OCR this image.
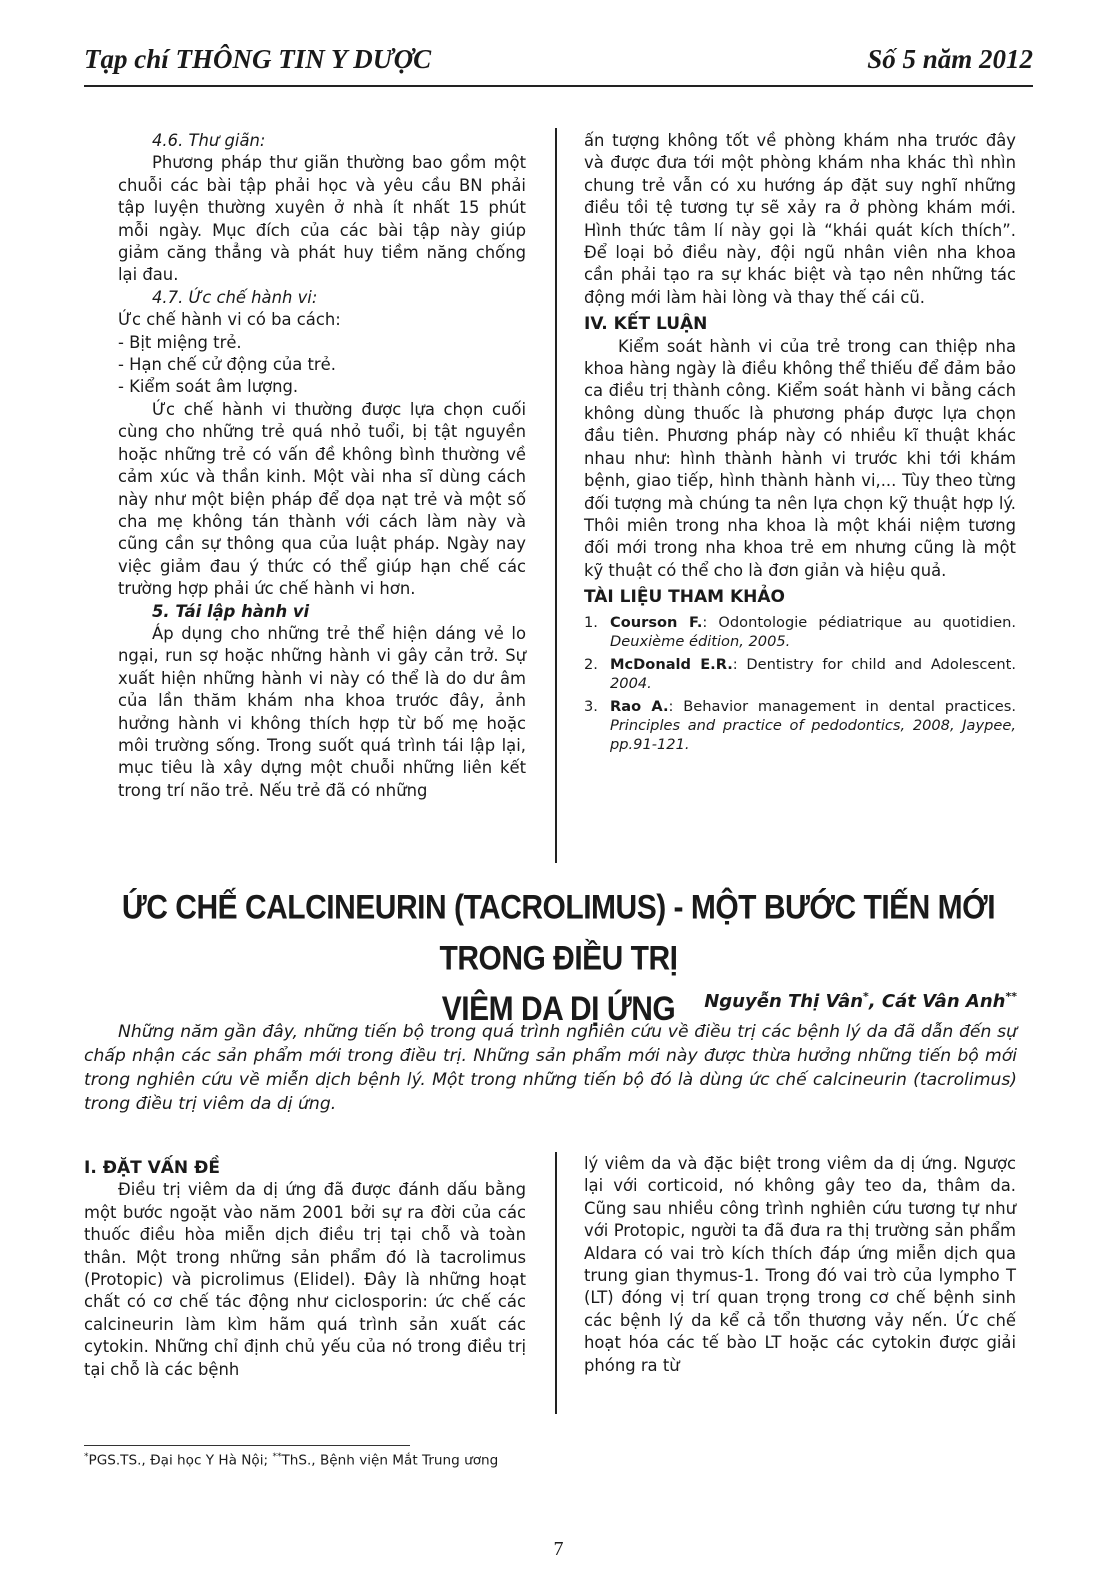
Tạp chí THÔNG TIN Y DƯỢC	Số 5 năm 2012

4.6. Thư giãn:

Phương pháp thư giãn thường bao gồm một chuỗi các bài tập phải học và yêu cầu BN phải tập luyện thường xuyên ở nhà ít nhất 15 phút mỗi ngày. Mục đích của các bài tập này giúp giảm căng thẳng và phát huy tiềm năng chống lại đau.

4.7. Ức chế hành vi:

Ức chế hành vi có ba cách:

- Bịt miệng trẻ.

- Hạn chế cử động của trẻ.

- Kiểm soát âm lượng.

Ức chế hành vi thường được lựa chọn cuối cùng cho những trẻ quá nhỏ tuổi, bị tật nguyền hoặc những trẻ có vấn đề không bình thường về cảm xúc và thần kinh. Một vài nha sĩ dùng cách này như một biện pháp để dọa nạt trẻ và một số cha mẹ không tán thành với cách làm này và cũng cần sự thông qua của luật pháp. Ngày nay việc giảm đau ý thức có thể giúp hạn chế các trường hợp phải ức chế hành vi hơn.

5. Tái lập hành vi

Áp dụng cho những trẻ thể hiện dáng vẻ lo ngại, run sợ hoặc những hành vi gây cản trở. Sự xuất hiện những hành vi này có thể là do dư âm của lần thăm khám nha khoa trước đây, ảnh hưởng hành vi không thích hợp từ bố mẹ hoặc môi trường sống. Trong suốt quá trình tái lập lại, mục tiêu là xây dựng một chuỗi những liên kết trong trí não trẻ. Nếu trẻ đã có những

ấn tượng không tốt về phòng khám nha trước đây và được đưa tới một phòng khám nha khác thì nhìn chung trẻ vẫn có xu hướng áp đặt suy nghĩ những điều tồi tệ tương tự sẽ xảy ra ở phòng khám mới. Hình thức tâm lí này gọi là “khái quát kích thích”. Để loại bỏ điều này, đội ngũ nhân viên nha khoa cần phải tạo ra sự khác biệt và tạo nên những tác động mới làm hài lòng và thay thế cái cũ.

IV. KẾT LUẬN

Kiểm soát hành vi của trẻ trong can thiệp nha khoa hàng ngày là điều không thể thiếu để đảm bảo ca điều trị thành công. Kiểm soát hành vi bằng cách không dùng thuốc là phương pháp được lựa chọn đầu tiên. Phương pháp này có nhiều kĩ thuật khác nhau như: hình thành hành vi trước khi tới khám bệnh, giao tiếp, hình thành hành vi,... Tùy theo từng đối tượng mà chúng ta nên lựa chọn kỹ thuật hợp lý. Thôi miên trong nha khoa là một khái niệm tương đối mới trong nha khoa trẻ em nhưng cũng là một kỹ thuật có thể cho là đơn giản và hiệu quả.

TÀI LIỆU THAM KHẢO

1. Courson F.: Odontologie pédiatrique au quotidien. Deuxième édition, 2005.
2. McDonald E.R.: Dentistry for child and Adolescent. 2004.
3. Rao A.: Behavior management in dental practices. Principles and practice of pedodontics, 2008, Jaypee, pp.91-121.
ỨC CHẾ CALCINEURIN (TACROLIMUS) - MỘT BƯỚC TIẾN MỚI TRONG ĐIỀU TRỊ
VIÊM DA DỊ ỨNG	Nguyễn Thị Vân*, Cát Vân Anh**
Những năm gần đây, những tiến bộ trong quá trình nghiên cứu về điều trị các bệnh lý da đã dẫn đến sự chấp nhận các sản phẩm mới trong điều trị. Những sản phẩm mới này được thừa hưởng những tiến bộ mới trong nghiên cứu về miễn dịch bệnh lý. Một trong những tiến bộ đó là dùng ức chế calcineurin (tacrolimus) trong điều trị viêm da dị ứng.

I. ĐẶT VẤN ĐỀ

Điều trị viêm da dị ứng đã được đánh dấu bằng một bước ngoặt vào năm 2001 bởi sự ra đời của các thuốc điều hòa miễn dịch điều trị tại chỗ và toàn thân. Một trong những sản phẩm đó là tacrolimus (Protopic) và picrolimus (Elidel). Đây là những hoạt chất có cơ chế tác động như ciclosporin: ức chế các calcineurin làm kìm hãm quá trình sản xuất các cytokin. Những chỉ định chủ yếu của nó trong điều trị tại chỗ là các bệnh

lý viêm da và đặc biệt trong viêm da dị ứng. Ngược lại với corticoid, nó không gây teo da, thâm da. Cũng sau nhiều công trình nghiên cứu tương tự như với Protopic, người ta đã đưa ra thị trường sản phẩm Aldara có vai trò kích thích đáp ứng miễn dịch qua trung gian thymus-1. Trong đó vai trò của lympho T (LT) đóng vị trí quan trọng trong cơ chế bệnh sinh các bệnh lý da kể cả tổn thương vảy nến. Ức chế hoạt hóa các tế bào LT hoặc các cytokin được giải phóng ra từ

*PGS.TS., Đại học Y Hà Nội; **ThS., Bệnh viện Mắt Trung ương
7
